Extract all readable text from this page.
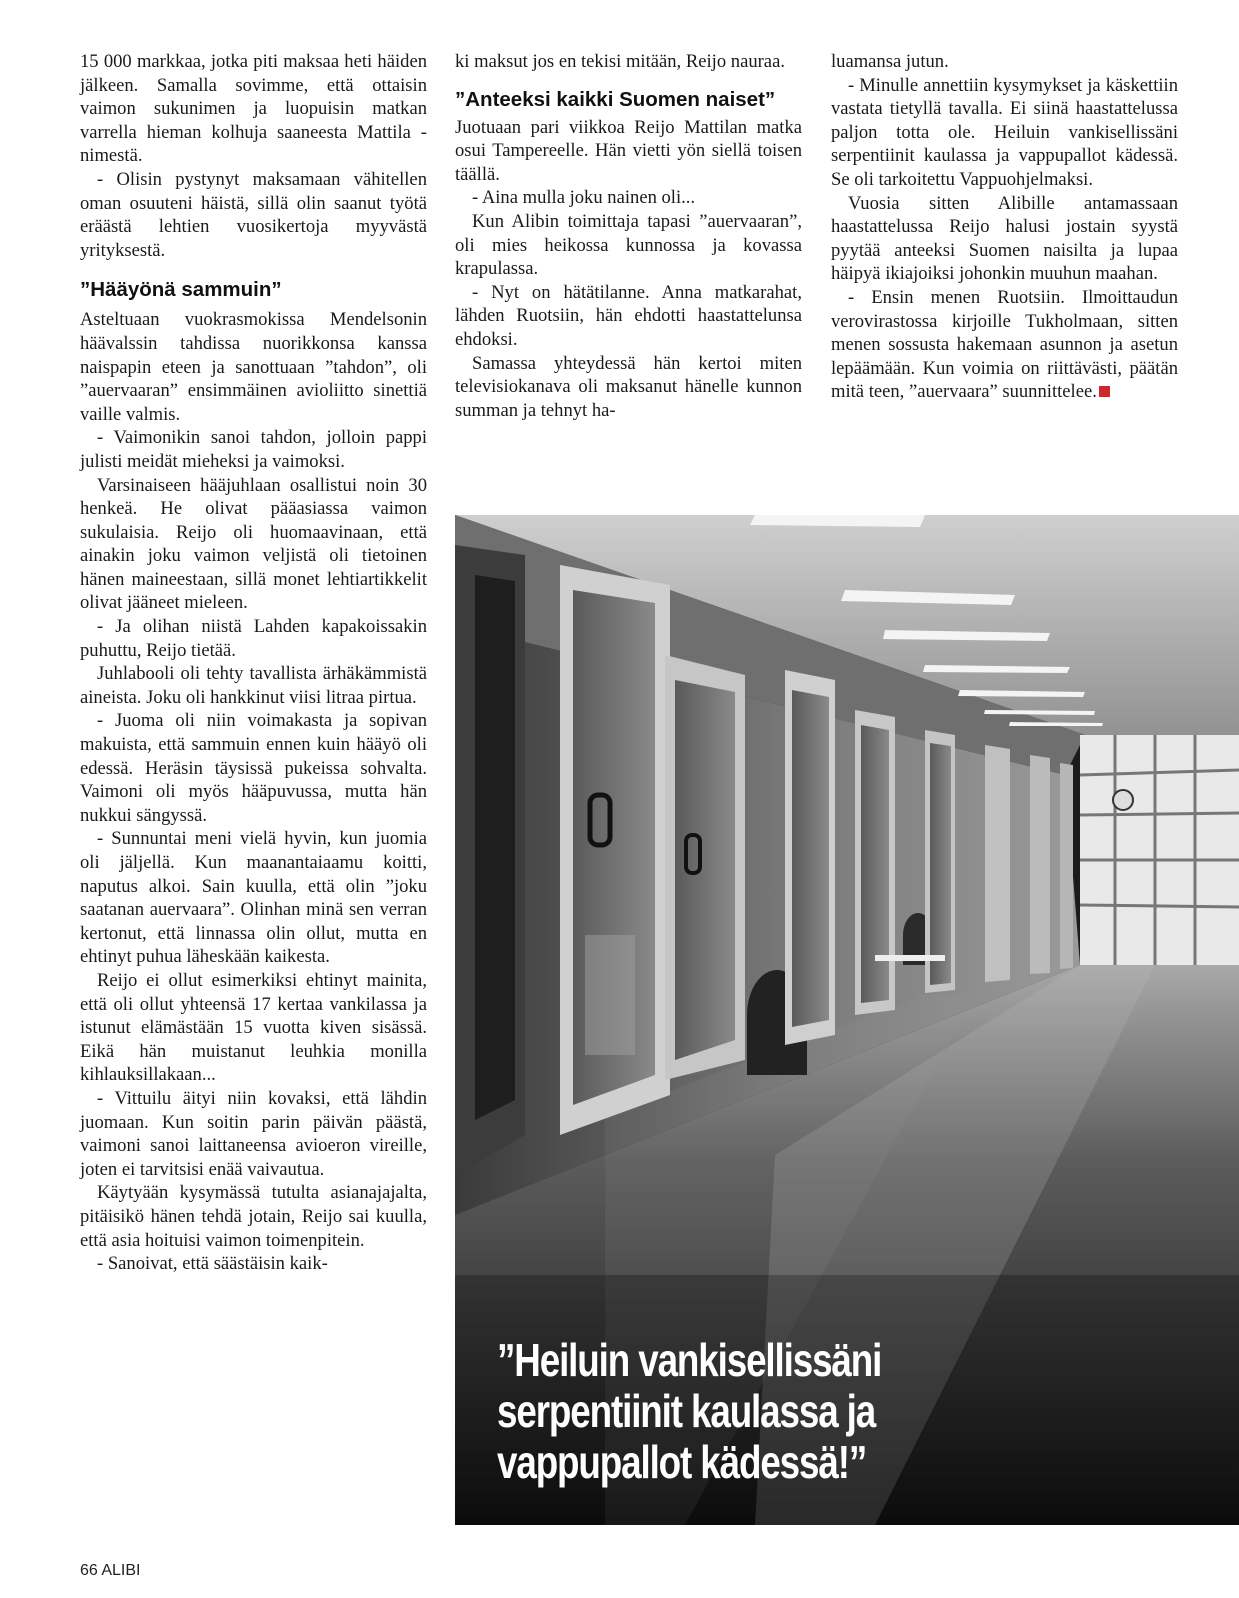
15 000 markkaa, jotka piti maksaa heti häiden jälkeen. Samalla sovimme, että ottaisin vaimon sukunimen ja luopuisin matkan varrella hieman kolhuja saaneesta Mattila -nimestä.

- Olisin pystynyt maksamaan vähitellen oman osuuteni häistä, sillä olin saanut työtä eräästä lehtien vuosikertoja myyvästä yrityksestä.

”Hääyönä sammuin”

Asteltuaan vuokrasmokissa Mendelsonin häävalssin tahdissa nuorikkonsa kanssa naispapin eteen ja sanottuaan ”tahdon”, oli ”auervaaran” ensimmäinen avioliitto sinettiä vaille valmis.

- Vaimonikin sanoi tahdon, jolloin pappi julisti meidät mieheksi ja vaimoksi.

Varsinaiseen hääjuhlaan osallistui noin 30 henkeä. He olivat pääasiassa vaimon sukulaisia. Reijo oli huomaavinaan, että ainakin joku vaimon veljistä oli tietoinen hänen maineestaan, sillä monet lehtiartikkelit olivat jääneet mieleen.

- Ja olihan niistä Lahden kapakoissakin puhuttu, Reijo tietää.

Juhlabooli oli tehty tavallista ärhäkämmistä aineista. Joku oli hankkinut viisi litraa pirtua.

- Juoma oli niin voimakasta ja sopivan makuista, että sammuin ennen kuin hääyö oli edessä. Heräsin täysissä pukeissa sohvalta. Vaimoni oli myös hääpuvussa, mutta hän nukkui sängyssä.

- Sunnuntai meni vielä hyvin, kun juomia oli jäljellä. Kun maanantaiaamu koitti, naputus alkoi. Sain kuulla, että olin ”joku saatanan auervaara”. Olinhan minä sen verran kertonut, että linnassa olin ollut, mutta en ehtinyt puhua läheskään kaikesta.

Reijo ei ollut esimerkiksi ehtinyt mainita, että oli ollut yhteensä 17 kertaa vankilassa ja istunut elämästään 15 vuotta kiven sisässä. Eikä hän muistanut leuhkia monilla kihlauksillakaan...

- Vittuilu äityi niin kovaksi, että lähdin juomaan. Kun soitin parin päivän päästä, vaimoni sanoi laittaneensa avioeron vireille, joten ei tarvitsisi enää vaivautua.

Käytyään kysymässä tutulta asianajajalta, pitäisikö hänen tehdä jotain, Reijo sai kuulla, että asia hoituisi vaimon toimenpitein.

- Sanoivat, että säästäisin kaik-

ki maksut jos en tekisi mitään, Reijo nauraa.

”Anteeksi kaikki Suomen naiset”

Juotuaan pari viikkoa Reijo Mattilan matka osui Tampereelle. Hän vietti yön siellä toisen täällä.

- Aina mulla joku nainen oli...

Kun Alibin toimittaja tapasi ”auervaaran”, oli mies heikossa kunnossa ja kovassa krapulassa.

- Nyt on hätätilanne. Anna matkarahat, lähden Ruotsiin, hän ehdotti haastattelunsa ehdoksi.

Samassa yhteydessä hän kertoi miten televisiokanava oli maksanut hänelle kunnon summan ja tehnyt ha-

luamansa jutun.

- Minulle annettiin kysymykset ja käskettiin vastata tietyllä tavalla. Ei siinä haastattelussa paljon totta ole. Heiluin vankisellissäni serpentiinit kaulassa ja vappupallot kädessä. Se oli tarkoitettu Vappuohjelmaksi.

Vuosia sitten Alibille antamassaan haastattelussa Reijo halusi jostain syystä pyytää anteeksi Suomen naisilta ja lupaa häipyä ikiajoiksi johonkin muuhun maahan.

- Ensin menen Ruotsiin. Ilmoittaudun verovirastossa kirjoille Tukholmaan, sitten menen sossusta hakemaan asunnon ja asetun lepäämään. Kun voimia on riittävästi, päätän mitä teen, ”auervaara” suunnittelee.

”Heiluin vankisellissäni
serpentiinit kaulassa ja
vappupallot kädessä!”
66 ALIBI
